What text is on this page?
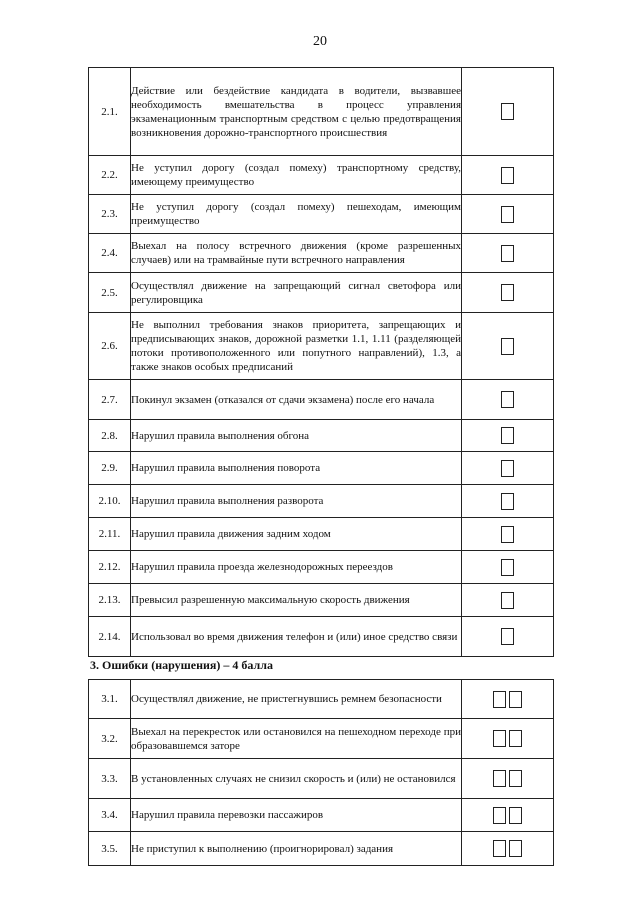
20
2.1.	Действие или бездействие кандидата в водители, вызвавшее необходимость вмешательства в процесс управления экзаменационным транспортным средством с целью предотвращения возникновения дорожно-транспортного происшествия	

2.2.	Не уступил дорогу (создал помеху) транспортному средству, имеющему преимущество	

2.3.	Не уступил дорогу (создал помеху) пешеходам, имеющим преимущество	

2.4.	Выехал на полосу встречного движения (кроме разрешенных случаев) или на трамвайные пути встречного направления	

2.5.	Осуществлял движение на запрещающий сигнал светофора или регулировщика	

2.6.	Не выполнил требования знаков приоритета, запрещающих и предписывающих знаков, дорожной разметки 1.1, 1.11 (разделяющей потоки противоположенного или попутного направлений), 1.3, а также знаков особых предписаний	

2.7.	Покинул экзамен (отказался от сдачи экзамена) после его начала	

2.8.	Нарушил правила выполнения обгона	

2.9.	Нарушил правила выполнения поворота	

2.10.	Нарушил правила выполнения разворота	

2.11.	Нарушил правила движения задним ходом	

2.12.	Нарушил правила проезда железнодорожных переездов	

2.13.	Превысил разрешенную максимальную скорость движения	

2.14.	Использовал во время движения телефон и (или) иное средство связи	

3. Ошибки (нарушения) – 4 балла
3.1.	Осуществлял движение, не пристегнувшись ремнем безопасности	

3.2.	Выехал на перекресток или остановился на пешеходном переходе при образовавшемся заторе	

3.3.	В установленных случаях не снизил скорость и (или) не остановился	

3.4.	Нарушил правила перевозки пассажиров	

3.5.	Не приступил к выполнению (проигнорировал) задания	
